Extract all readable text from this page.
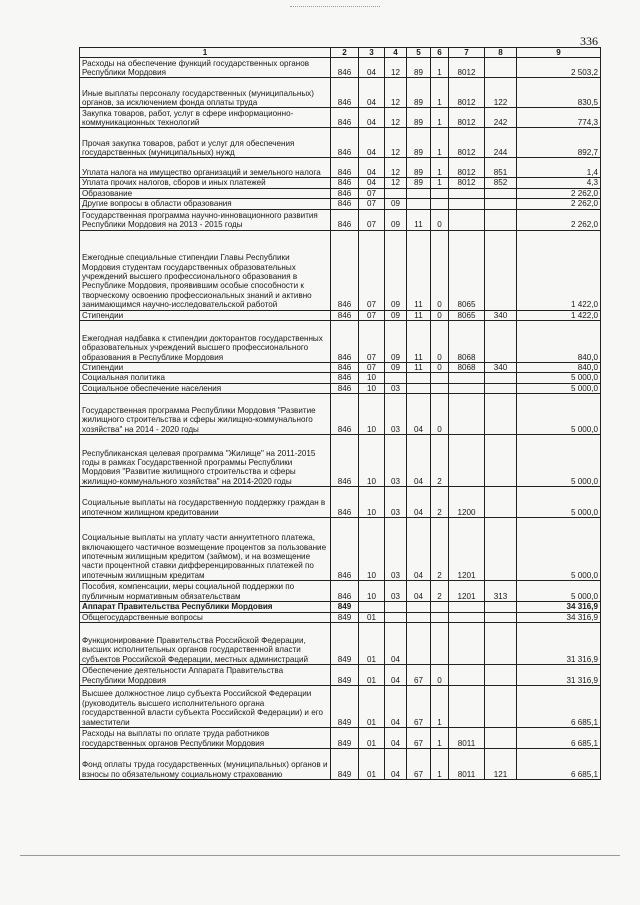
336
1	2	3	4	5	6	7	8	9
Расходы на обеспечение функций государственных органов Республики Мордовия	846	04	12	89	1	8012		2 503,2
Иные выплаты персоналу государственных (муниципальных) органов, за исключением фонда оплаты труда	846	04	12	89	1	8012	122	830,5
Закупка товаров, работ, услуг в сфере информационно-коммуникационных технологий	846	04	12	89	1	8012	242	774,3
Прочая закупка товаров, работ и услуг для обеспечения государственных (муниципальных) нужд	846	04	12	89	1	8012	244	892,7
Уплата налога на имущество организаций и земельного налога	846	04	12	89	1	8012	851	1,4
Уплата прочих налогов, сборов и иных платежей	846	04	12	89	1	8012	852	4,3
Образование	846	07						2 262,0
Другие вопросы в области образования	846	07	09					2 262,0
Государственная программа научно-инновационного развития Республики Мордовия на 2013 - 2015 годы	846	07	09	11	0			2 262,0
Ежегодные специальные стипендии Главы Республики Мордовия студентам государственных образовательных учреждений высшего профессионального образования в Республике Мордовия, проявившим особые способности к творческому освоению профессиональных знаний и активно занимающимся научно-исследовательской работой	846	07	09	11	0	8065		1 422,0
Стипендии	846	07	09	11	0	8065	340	1 422,0
Ежегодная надбавка к стипендии докторантов государственных образовательных учреждений высшего профессионального образования в Республике Мордовия	846	07	09	11	0	8068		840,0
Стипендии	846	07	09	11	0	8068	340	840,0
Социальная политика	846	10						5 000,0
Социальное обеспечение населения	846	10	03					5 000,0
Государственная программа Республики Мордовия "Развитие жилищного строительства и сферы жилищно-коммунального хозяйства" на 2014 - 2020 годы	846	10	03	04	0			5 000,0
Республиканская целевая программа "Жилище" на 2011-2015 годы в рамках Государственной программы Республики Мордовия "Развитие жилищного строительства и сферы жилищно-коммунального хозяйства" на 2014-2020 годы	846	10	03	04	2			5 000,0
Социальные выплаты на государственную поддержку граждан в ипотечном жилищном кредитовании	846	10	03	04	2	1200		5 000,0
Социальные выплаты на уплату части аннуитетного платежа, включающего частичное возмещение процентов за пользование ипотечным жилищным кредитом (займом), и на возмещение части процентной ставки дифференцированных платежей по ипотечным жилищным кредитам	846	10	03	04	2	1201		5 000,0
Пособия, компенсации, меры социальной поддержки по публичным нормативным обязательствам	846	10	03	04	2	1201	313	5 000,0
Аппарат Правительства Республики Мордовия	849							34 316,9
Общегосударственные вопросы	849	01						34 316,9
Функционирование Правительства Российской Федерации, высших исполнительных органов государственной власти субъектов Российской Федерации, местных администраций	849	01	04					31 316,9
Обеспечение деятельности Аппарата Правительства Республики Мордовия	849	01	04	67	0			31 316,9
Высшее должностное лицо субъекта Российской Федерации (руководитель высшего исполнительного органа государственной власти субъекта Российской Федерации) и его заместители	849	01	04	67	1			6 685,1
Расходы на выплаты по оплате труда работников государственных органов Республики Мордовия	849	01	04	67	1	8011		6 685,1
Фонд оплаты труда государственных (муниципальных) органов и взносы по обязательному социальному страхованию	849	01	04	67	1	8011	121	6 685,1
